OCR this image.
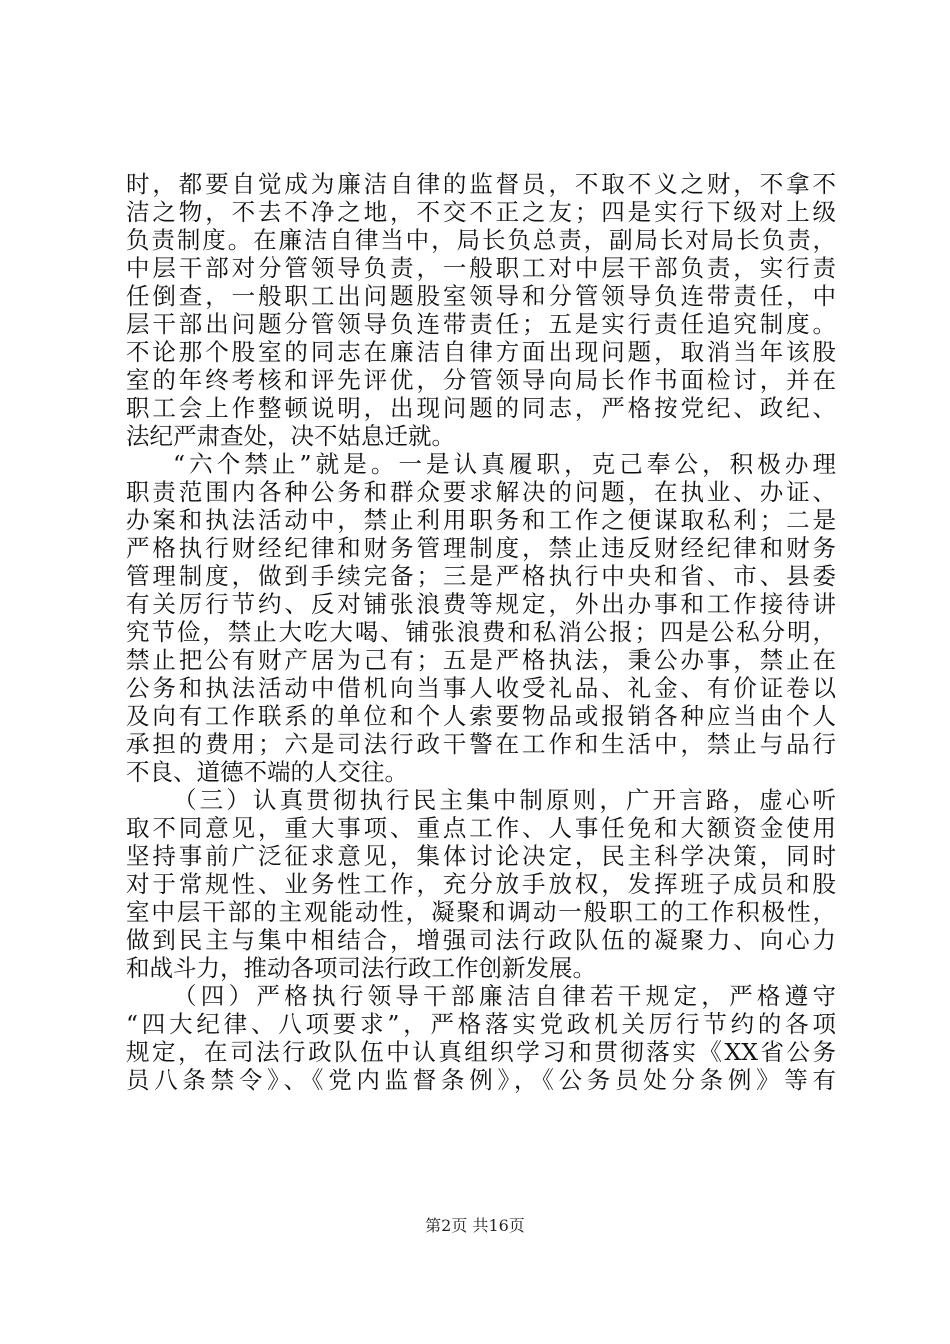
时，都要自觉成为廉洁自律的监督员，不取不义之财，不拿不
洁之物，不去不净之地，不交不正之友；四是实行下级对上级
负责制度。在廉洁自律当中，局长负总责，副局长对局长负责，
中层干部对分管领导负责，一般职工对中层干部负责，实行责
任倒查，一般职工出问题股室领导和分管领导负连带责任，中
层干部出问题分管领导负连带责任；五是实行责任追究制度。
不论那个股室的同志在廉洁自律方面出现问题，取消当年该股
室的年终考核和评先评优，分管领导向局长作书面检讨，并在
职工会上作整顿说明，出现问题的同志，严格按党纪、政纪、
法纪严肃查处，决不姑息迁就。
“六个禁止”就是。一是认真履职，克己奉公，积极办理
职责范围内各种公务和群众要求解决的问题，在执业、办证、
办案和执法活动中，禁止利用职务和工作之便谋取私利；二是
严格执行财经纪律和财务管理制度，禁止违反财经纪律和财务
管理制度，做到手续完备；三是严格执行中央和省、市、县委
有关厉行节约、反对铺张浪费等规定，外出办事和工作接待讲
究节俭，禁止大吃大喝、铺张浪费和私消公报；四是公私分明，
禁止把公有财产居为己有；五是严格执法，秉公办事，禁止在
公务和执法活动中借机向当事人收受礼品、礼金、有价证卷以
及向有工作联系的单位和个人索要物品或报销各种应当由个人
承担的费用；六是司法行政干警在工作和生活中，禁止与品行
不良、道德不端的人交往。
（三）认真贯彻执行民主集中制原则，广开言路，虚心听
取不同意见，重大事项、重点工作、人事任免和大额资金使用
坚持事前广泛征求意见，集体讨论决定，民主科学决策，同时
对于常规性、业务性工作，充分放手放权，发挥班子成员和股
室中层干部的主观能动性，凝聚和调动一般职工的工作积极性，
做到民主与集中相结合，增强司法行政队伍的凝聚力、向心力
和战斗力，推动各项司法行政工作创新发展。
（四）严格执行领导干部廉洁自律若干规定，严格遵守
“四大纪律、八项要求”，严格落实党政机关厉行节约的各项
规定，在司法行政队伍中认真组织学习和贯彻落实《XX省公务
员八条禁令》、《党内监督条例》，《公务员处分条例》等有
第2页 共16页
